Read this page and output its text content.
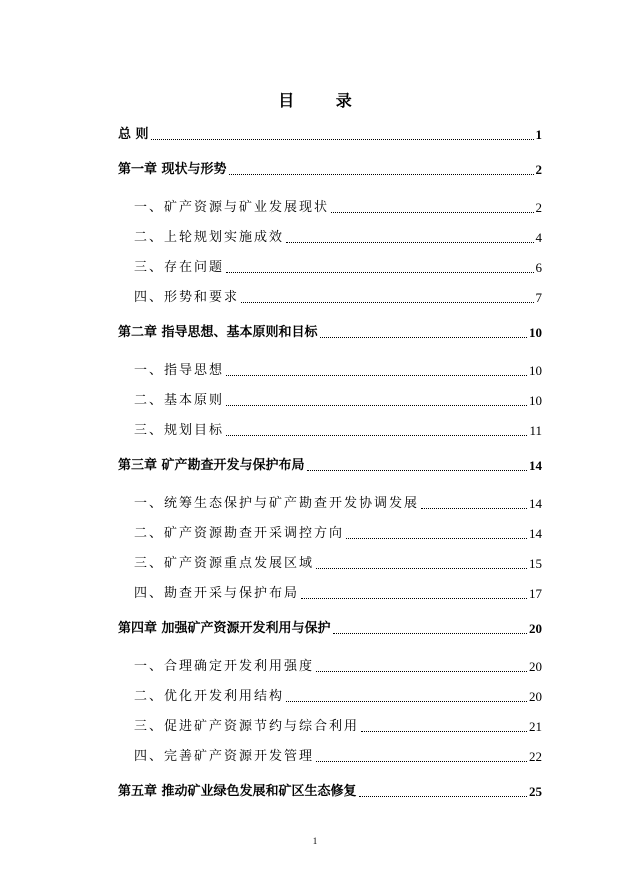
目 录
总 则	1
第一章 现状与形势	2
一、矿产资源与矿业发展现状	2
二、上轮规划实施成效	4
三、存在问题	6
四、形势和要求	7
第二章 指导思想、基本原则和目标	10
一、指导思想	10
二、基本原则	10
三、规划目标	11
第三章 矿产勘查开发与保护布局	14
一、统筹生态保护与矿产勘查开发协调发展	14
二、矿产资源勘查开采调控方向	14
三、矿产资源重点发展区域	15
四、勘查开采与保护布局	17
第四章 加强矿产资源开发利用与保护	20
一、合理确定开发利用强度	20
二、优化开发利用结构	20
三、促进矿产资源节约与综合利用	21
四、完善矿产资源开发管理	22
第五章 推动矿业绿色发展和矿区生态修复	25
1
